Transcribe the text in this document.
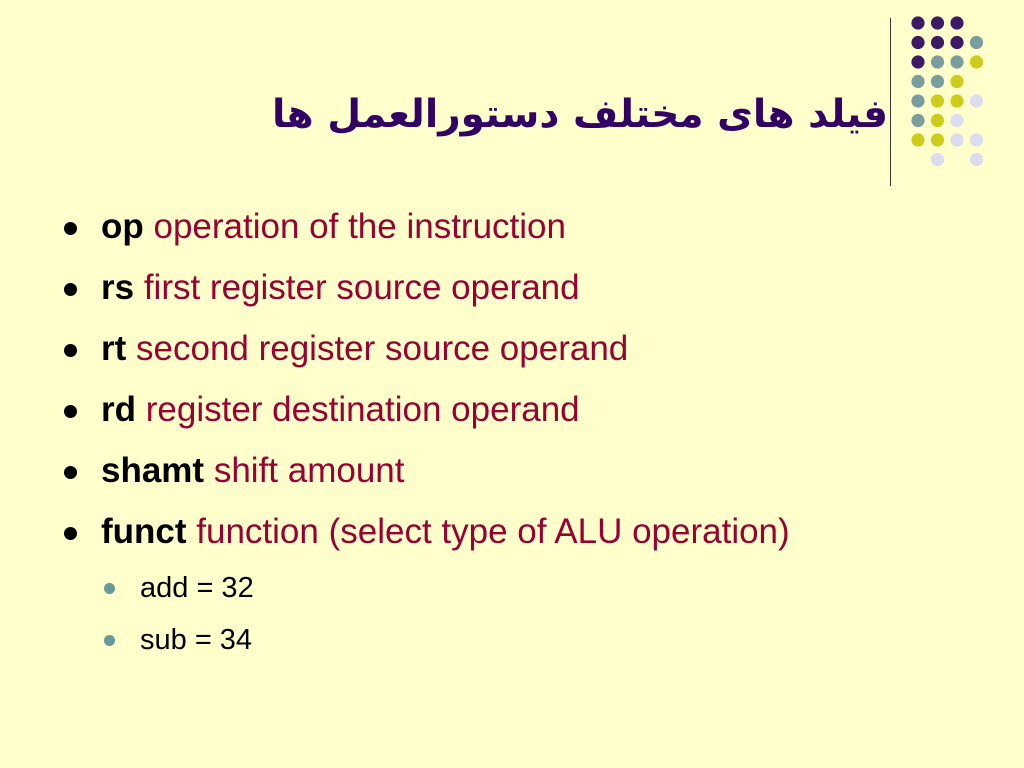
فیلد های مختلف دستورالعمل ها
op operation of the instruction
rs first register source operand
rt second register source operand
rd register destination operand
shamt shift amount
funct function (select type of ALU operation)
add = 32
sub = 34
